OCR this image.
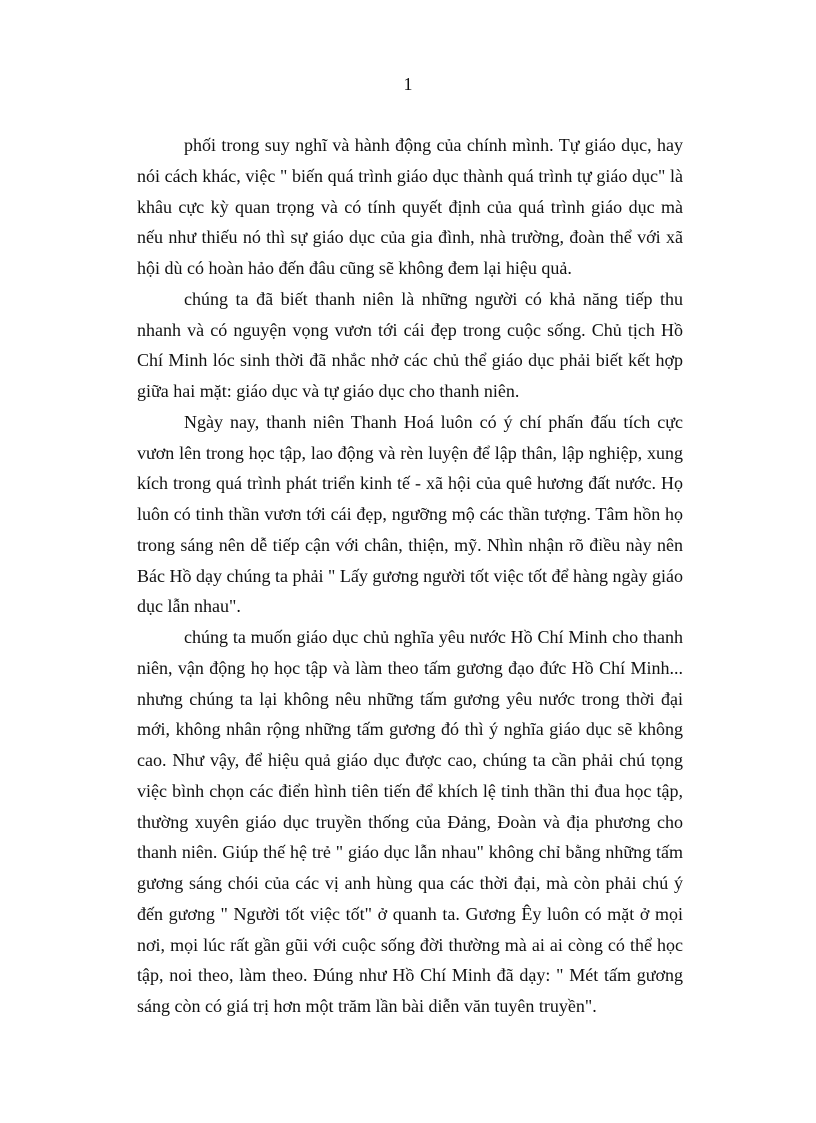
1

phối trong suy nghĩ và hành động của chính mình. Tự giáo dục, hay nói cách khác, việc " biến quá trình giáo dục thành quá trình tự giáo dục" là khâu cực kỳ quan trọng và có tính quyết định của quá trình giáo dục mà nếu như thiếu nó thì sự giáo dục của gia đình, nhà trường, đoàn thể với xã hội dù có hoàn hảo đến đâu cũng sẽ không đem lại hiệu quả.

chúng ta đã biết thanh niên là những người có khả năng tiếp thu nhanh và có nguyện vọng vươn tới cái đẹp trong cuộc sống. Chủ tịch Hồ Chí Minh lóc sinh thời đã nhắc nhở các chủ thể giáo dục phải biết kết hợp giữa hai mặt: giáo dục và tự giáo dục cho thanh niên.

Ngày nay, thanh niên Thanh Hoá luôn có ý chí phấn đấu tích cực vươn lên trong học tập, lao động và rèn luyện để lập thân, lập nghiệp, xung kích trong quá trình phát triển kinh tế - xã hội của quê hương đất nước. Họ luôn có tinh thần vươn tới cái đẹp, ngưỡng mộ các thần tượng. Tâm hồn họ trong sáng nên dễ tiếp cận với chân, thiện, mỹ. Nhìn nhận rõ điều này nên Bác Hồ dạy chúng ta phải " Lấy gương người tốt việc tốt để hàng ngày giáo dục lẫn nhau".

chúng ta muốn giáo dục chủ nghĩa yêu nước Hồ Chí Minh cho thanh niên, vận động họ học tập và làm theo tấm gương đạo đức Hồ Chí Minh... nhưng chúng ta lại không nêu những tấm gương yêu nước trong thời đại mới, không nhân rộng những tấm gương đó thì ý nghĩa giáo dục sẽ không cao. Như vậy, để hiệu quả giáo dục được cao, chúng ta cần phải chú tọng việc bình chọn các điển hình tiên tiến để khích lệ tinh thần thi đua học tập, thường xuyên giáo dục truyền thống của Đảng, Đoàn và địa phương cho thanh niên. Giúp thế hệ trẻ " giáo dục lẫn nhau" không chỉ bằng những tấm gương sáng chói của các vị anh hùng qua các thời đại, mà còn phải chú ý đến gương " Người tốt việc tốt" ở quanh ta. Gương Êy luôn có mặt ở mọi nơi, mọi lúc rất gần gũi với cuộc sống đời thường mà ai ai còng có thể học tập, noi theo, làm theo. Đúng như Hồ Chí Minh đã dạy: " Mét tấm gương sáng còn có giá trị hơn một trăm lần bài diễn văn tuyên truyền".
